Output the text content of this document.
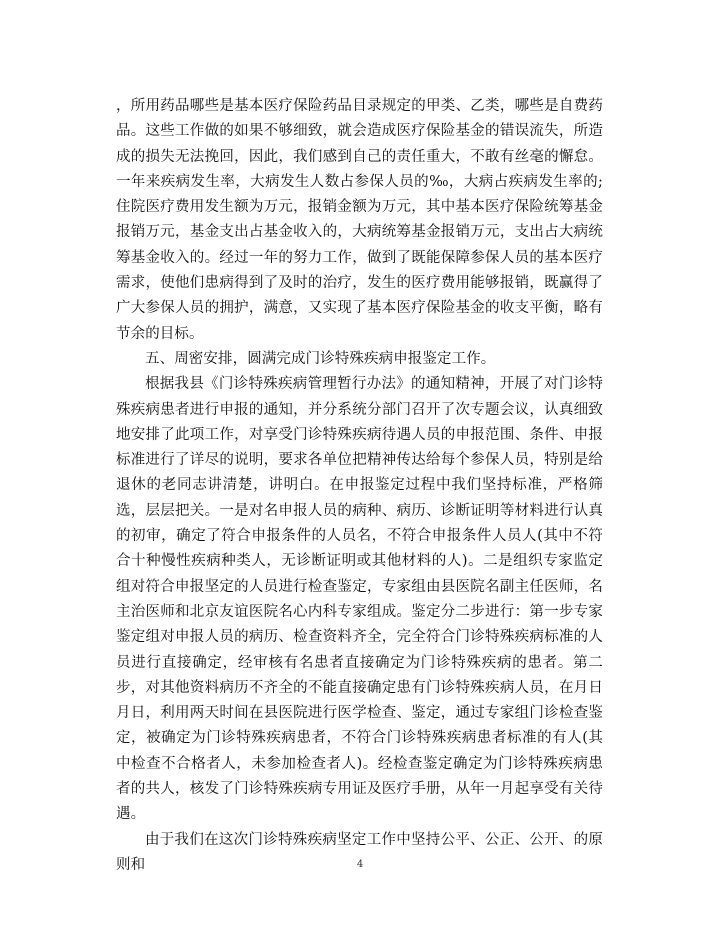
，所用药品哪些是基本医疗保险药品目录规定的甲类、乙类，哪些是自费药品。这些工作做的如果不够细致，就会造成医疗保险基金的错误流失，所造成的损失无法挽回，因此，我们感到自己的责任重大，不敢有丝毫的懈怠。一年来疾病发生率，大病发生人数占参保人员的‰，大病占疾病发生率的;住院医疗费用发生额为万元，报销金额为万元，其中基本医疗保险统筹基金报销万元，基金支出占基金收入的，大病统筹基金报销万元，支出占大病统筹基金收入的。经过一年的努力工作，做到了既能保障参保人员的基本医疗需求，使他们患病得到了及时的治疗，发生的医疗费用能够报销，既赢得了广大参保人员的拥护，满意，又实现了基本医疗保险基金的收支平衡，略有节余的目标。

五、周密安排，圆满完成门诊特殊疾病申报鉴定工作。

根据我县《门诊特殊疾病管理暂行办法》的通知精神，开展了对门诊特殊疾病患者进行申报的通知，并分系统分部门召开了次专题会议，认真细致地安排了此项工作，对享受门诊特殊疾病待遇人员的申报范围、条件、申报标准进行了详尽的说明，要求各单位把精神传达给每个参保人员，特别是给退休的老同志讲清楚，讲明白。在申报鉴定过程中我们坚持标准，严格筛选，层层把关。一是对名申报人员的病种、病历、诊断证明等材料进行认真的初审，确定了符合申报条件的人员名，不符合申报条件人员人(其中不符合十种慢性疾病种类人，无诊断证明或其他材料的人)。二是组织专家监定组对符合申报坚定的人员进行检查鉴定，专家组由县医院名副主任医师，名主治医师和北京友谊医院名心内科专家组成。鉴定分二步进行：第一步专家鉴定组对申报人员的病历、检查资料齐全，完全符合门诊特殊疾病标准的人员进行直接确定，经审核有名患者直接确定为门诊特殊疾病的患者。第二步，对其他资料病历不齐全的不能直接确定患有门诊特殊疾病人员，在月日月日，利用两天时间在县医院进行医学检查、鉴定，通过专家组门诊检查鉴定，被确定为门诊特殊疾病患者，不符合门诊特殊疾病患者标准的有人(其中检查不合格者人，未参加检查者人)。经检查鉴定确定为门诊特殊疾病患者的共人，核发了门诊特殊疾病专用证及医疗手册，从年一月起享受有关待遇。

由于我们在这次门诊特殊疾病坚定工作中坚持公平、公正、公开、的原则和	4
